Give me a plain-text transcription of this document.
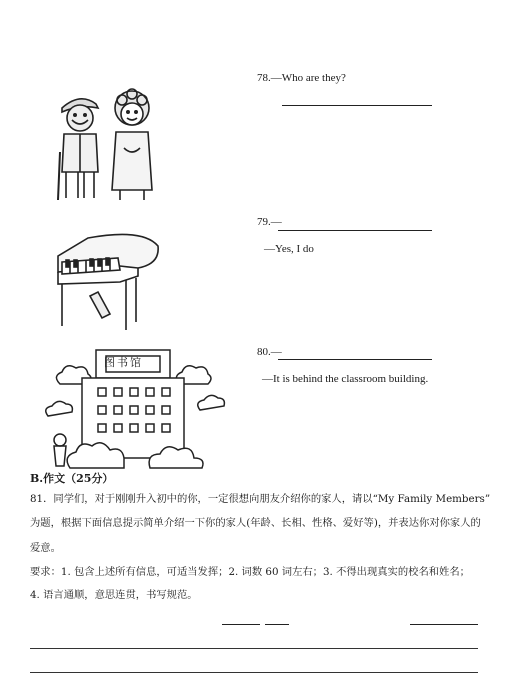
78.—Who are they?
79.—
—Yes, I do
图书馆
80.—
—It is behind the classroom building.
B.作文（25分）
81．同学们，对于刚刚升入初中的你，一定很想向朋友介绍你的家人，请以“My Family Members”
为题，根据下面信息提示简单介绍一下你的家人(年龄、长相、性格、爱好等)，并表达你对你家人的
爱意。
要求：1. 包含上述所有信息，可适当发挥；2. 词数 60 词左右；3. 不得出现真实的校名和姓名；
4. 语言通顺，意思连贯，书写规范。
